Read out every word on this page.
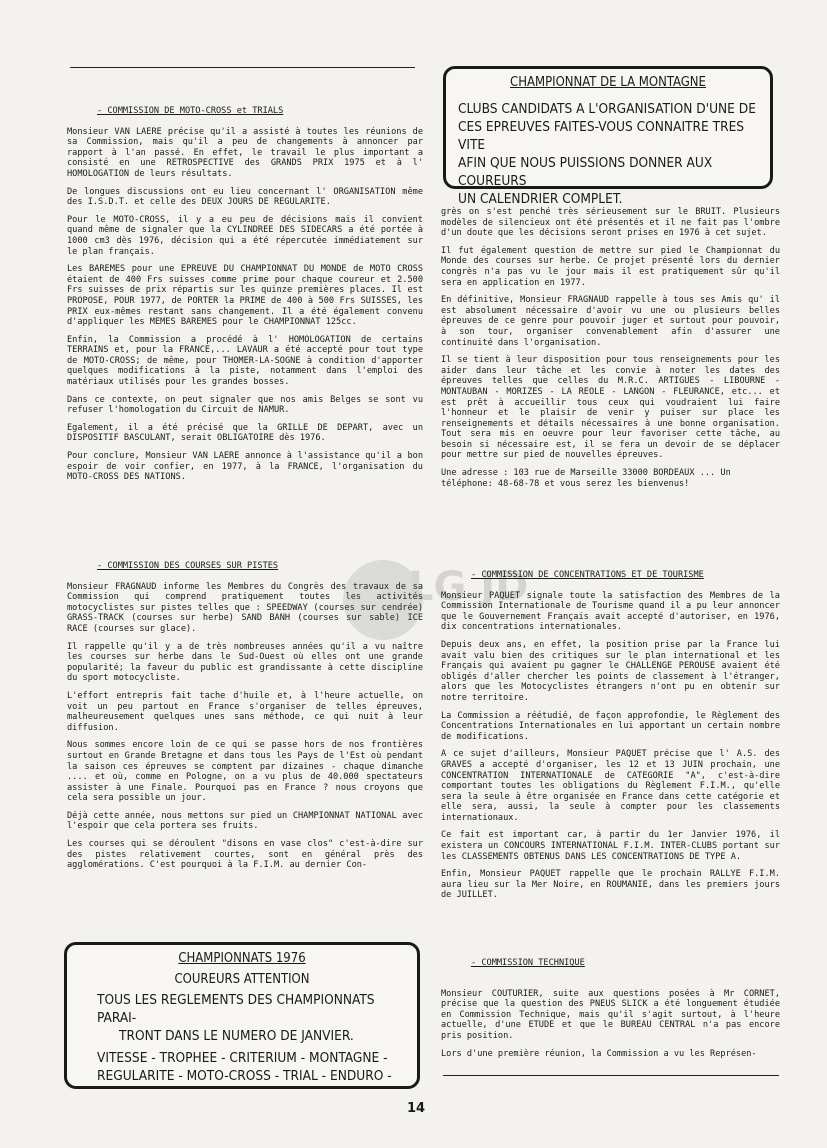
- COMMISSION DE MOTO-CROSS et TRIALS

Monsieur VAN LAERE précise qu'il a assisté à toutes les réunions de sa Commission, mais qu'il a peu de changements à annoncer par rapport à l'an passé. En effet, le travail le plus important a consisté en une RETROSPECTIVE des GRANDS PRIX 1975 et à l' HOMOLOGATION de leurs résultats.

De longues discussions ont eu lieu concernant l' ORGANISATION même des I.S.D.T. et celle des DEUX JOURS DE REGULARITE.

Pour le MOTO-CROSS, il y a eu peu de décisions mais il convient quand même de signaler que la CYLINDREE DES SIDECARS a été portée à 1000 cm3 dès 1976, décision qui a été répercutée immédiatement sur le plan français.

Les BAREMES pour une EPREUVE DU CHAMPIONNAT DU MONDE de MOTO CROSS étaient de 400 Frs suisses comme prime pour chaque coureur et 2.500 Frs suisses de prix répartis sur les quinze premières places. Il est PROPOSE, POUR 1977, de PORTER la PRIME de 400 à 500 Frs SUISSES, les PRIX eux-mêmes restant sans changement. Il a été également convenu d'appliquer les MEMES BAREMES pour le CHAMPIONNAT 125cc.

Enfin, la Commission a procédé à l' HOMOLOGATION de certains TERRAINS et, pour la FRANCE,... LAVAUR a été accepté pour tout type de MOTO-CROSS; de même, pour THOMER-LA-SOGNE à condition d'apporter quelques modifications à la piste, notamment dans l'emploi des matériaux utilisés pour les grandes bosses.

Dans ce contexte, on peut signaler que nos amis Belges se sont vu refuser l'homologation du Circuit de NAMUR.

Egalement, il a été précisé que la GRILLE DE DEPART, avec un DISPOSITIF BASCULANT, serait OBLIGATOIRE dès 1976.

Pour conclure, Monsieur VAN LAERE annonce à l'assistance qu'il a bon espoir de voir confier, en 1977, à la FRANCE, l'organisation du MOTO-CROSS DES NATIONS.

- COMMISSION DES COURSES SUR PISTES

Monsieur FRAGNAUD informe les Membres du Congrès des travaux de sa Commission qui comprend pratiquement toutes les activités motocyclistes sur pistes telles que : SPEEDWAY (courses sur cendrée) GRASS-TRACK (courses sur herbe) SAND BANH (courses sur sable) ICE RACE (courses sur glace).

Il rappelle qu'il y a de très nombreuses années qu'il a vu naître les courses sur herbe dans le Sud-Ouest où elles ont une grande popularité; la faveur du public est grandissante à cette discipline du sport motocycliste.

L'effort entrepris fait tache d'huile et, à l'heure actuelle, on voit un peu partout en France s'organiser de telles épreuves, malheureusement quelques unes sans méthode, ce qui nuit à leur diffusion.

Nous sommes encore loin de ce qui se passe hors de nos frontières surtout en Grande Bretagne et dans tous les Pays de l'Est où pendant la saison ces épreuves se comptent par dizaines - chaque dimanche .... et où, comme en Pologne, on a vu plus de 40.000 spectateurs assister à une Finale. Pourquoi pas en France ? nous croyons que cela sera possible un jour.

Déjà cette année, nous mettons sur pied un CHAMPIONNAT NATIONAL avec l'espoir que cela portera ses fruits.

Les courses qui se déroulent "disons en vase clos" c'est-à-dire sur des pistes relativement courtes, sont en général près des agglomérations. C'est pourquoi à la F.I.M. au dernier Con-

CHAMPIONNATS 1976
COUREURS ATTENTION
TOUS LES REGLEMENTS DES CHAMPIONNATS PARAI-
TRONT DANS LE NUMERO DE JANVIER.
VITESSE - TROPHEE - CRITERIUM - MONTAGNE -
REGULARITE - MOTO-CROSS - TRIAL - ENDURO -
CHAMPIONNAT DE LA MONTAGNE
CLUBS CANDIDATS A L'ORGANISATION D'UNE DE
CES EPREUVES FAITES-VOUS CONNAITRE TRES VITE
AFIN QUE NOUS PUISSIONS DONNER AUX COUREURS
UN CALENDRIER COMPLET.

grès on s'est penché très sérieusement sur le BRUIT. Plusieurs modèles de silencieux ont été présentés et il ne fait pas l'ombre d'un doute que les décisions seront prises en 1976 à cet sujet.

Il fut également question de mettre sur pied le Championnat du Monde des courses sur herbe. Ce projet présenté lors du dernier congrès n'a pas vu le jour mais il est pratiquement sûr qu'il sera en application en 1977.

En définitive, Monsieur FRAGNAUD rappelle à tous ses Amis qu' il est absolument nécessaire d'avoir vu une ou plusieurs belles épreuves de ce genre pour pouvoir juger et surtout pour pouvoir, à son tour, organiser convenablement afin d'assurer une continuité dans l'organisation.

Il se tient à leur disposition pour tous renseignements pour les aider dans leur tâche et les convie à noter les dates des épreuves telles que celles du M.R.C. ARTIGUES - LIBOURNE - MONTAUBAN - MORIZES - LA REOLE - LANGON - FLEURANCE, etc... et est prêt à accueillir tous ceux qui voudraient lui faire l'honneur et le plaisir de venir y puiser sur place les renseignements et détails nécessaires à une bonne organisation. Tout sera mis en oeuvre pour leur favoriser cette tâche, au besoin si nécessaire est, il se fera un devoir de se déplacer pour mettre sur pied de nouvelles épreuves.

Une adresse : 103 rue de Marseille 33000 BORDEAUX ... Un téléphone: 48-68-78 et vous serez les bienvenus!

- COMMISSION DE CONCENTRATIONS ET DE TOURISME

Monsieur PAQUET signale toute la satisfaction des Membres de la Commission Internationale de Tourisme quand il a pu leur annoncer que le Gouvernement Français avait accepté d'autoriser, en 1976, dix concentrations internationales.

Depuis deux ans, en effet, la position prise par la France lui avait valu bien des critiques sur le plan international et les Français qui avaient pu gagner le CHALLENGE PEROUSE avaient été obligés d'aller chercher les points de classement à l'étranger, alors que les Motocyclistes étrangers n'ont pu en obtenir sur notre territoire.

La Commission a réétudié, de façon approfondie, le Règlement des Concentrations Internationales en lui apportant un certain nombre de modifications.

A ce sujet d'ailleurs, Monsieur PAQUET précise que l' A.S. des GRAVES a accepté d'organiser, les 12 et 13 JUIN prochain, une CONCENTRATION INTERNATIONALE de CATEGORIE "A", c'est-à-dire comportant toutes les obligations du Règlement F.I.M., qu'elle sera la seule à être organisée en France dans cette catégorie et elle sera, aussi, la seule à compter pour les classements internationaux.

Ce fait est important car, à partir du 1er Janvier 1976, il existera un CONCOURS INTERNATIONAL F.I.M. INTER-CLUBS portant sur les CLASSEMENTS OBTENUS DANS LES CONCENTRATIONS DE TYPE A.

Enfin, Monsieur PAQUET rappelle que le prochain RALLYE F.I.M. aura lieu sur la Mer Noire, en ROUMANIE, dans les premiers jours de JUILLET.

- COMMISSION TECHNIQUE

Monsieur COUTURIER, suite aux questions posées à Mr CORNET, précise que la question des PNEUS SLICK a été longuement étudiée en Commission Technique, mais qu'il s'agit surtout, à l'heure actuelle, d'une ETUDE et que le BUREAU CENTRAL n'a pas encore pris position.

Lors d'une première réunion, la Commission a vu les Représen-

LG JD
14
